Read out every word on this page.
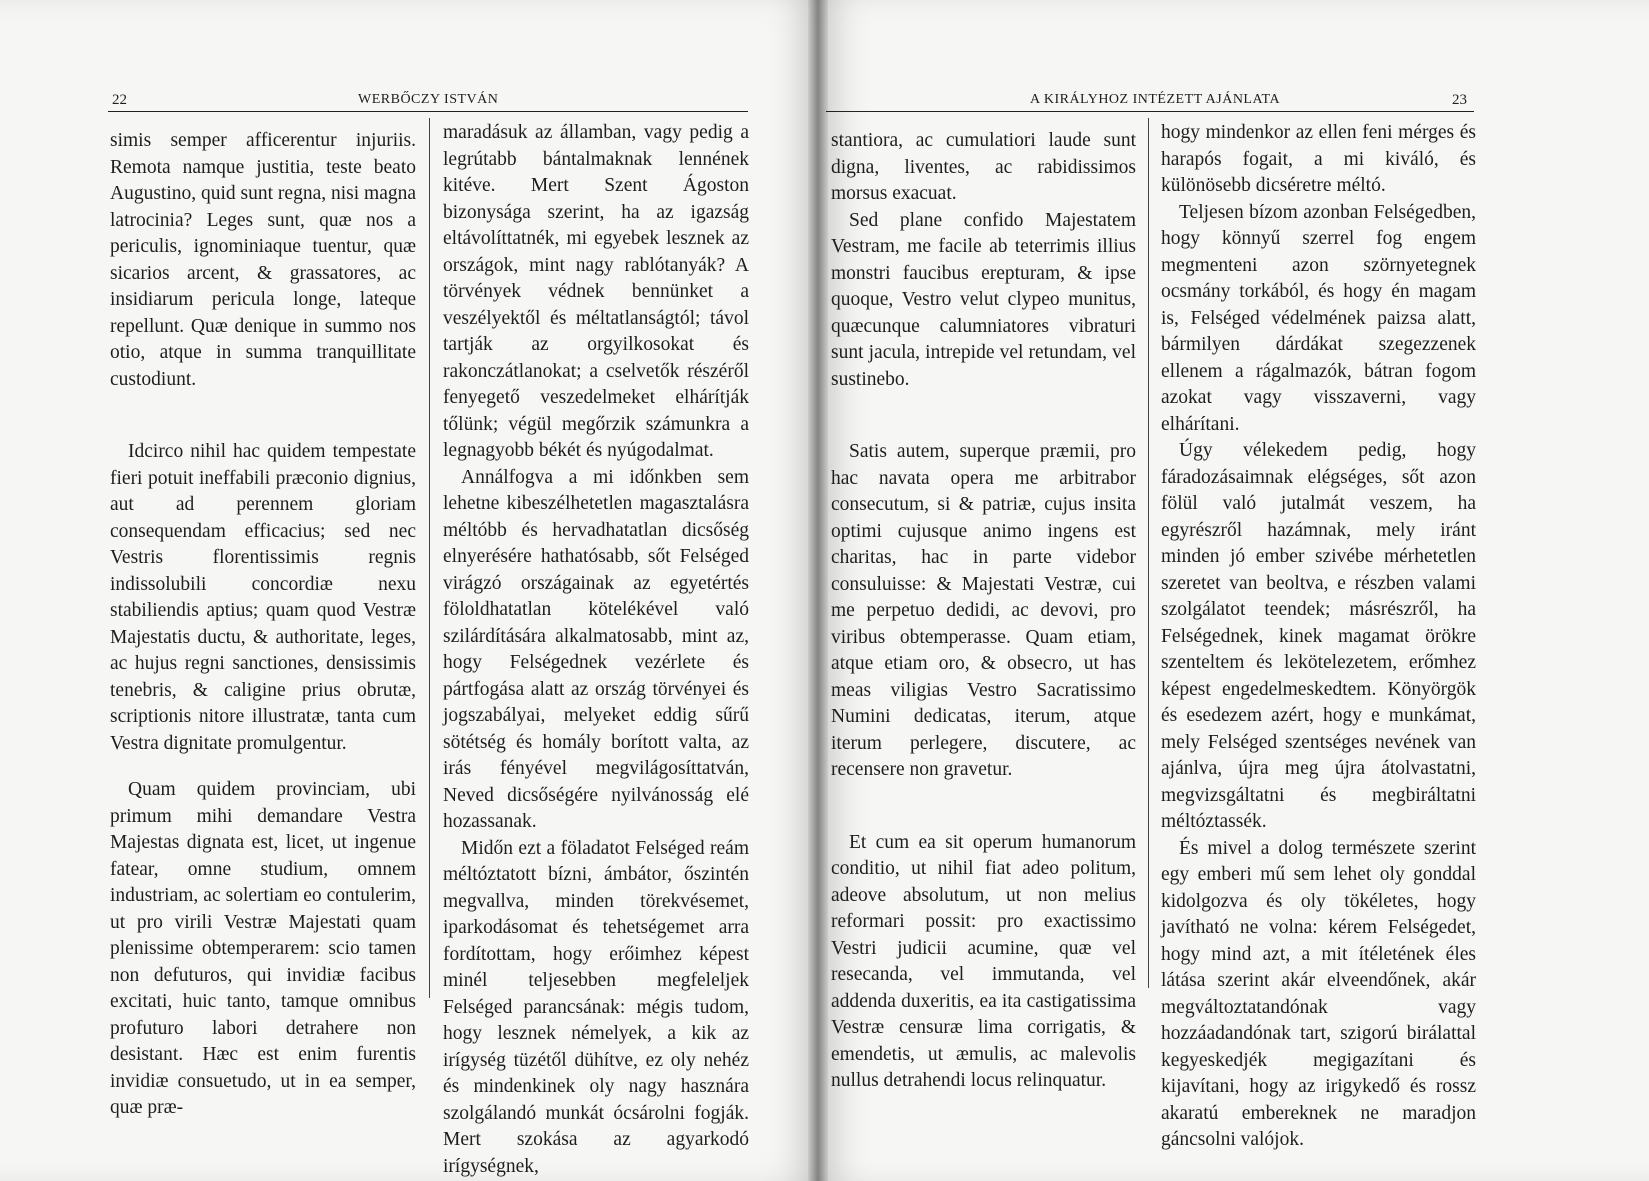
22	WERBŐCZY ISTVÁN

simis semper afficerentur injuriis. Remota namque justitia, teste beato Augustino, quid sunt regna, nisi magna latrocinia? Leges sunt, quæ nos a periculis, ignominiaque tuentur, quæ sicarios arcent, & grassatores, ac insidiarum pericula longe, lateque repellunt. Quæ denique in summo nos otio, atque in summa tranquillitate custodiunt.

Idcirco nihil hac quidem tempestate fieri potuit ineffabili præconio dignius, aut ad perennem gloriam consequendam efficacius; sed nec Vestris florentissimis regnis indissolubili concordiæ nexu stabiliendis aptius; quam quod Vestræ Majestatis ductu, & authoritate, leges, ac hujus regni sanctiones, densissimis tenebris, & caligine prius obrutæ, scriptionis nitore illustratæ, tanta cum Vestra dignitate promulgentur.

Quam quidem provinciam, ubi primum mihi demandare Vestra Majestas dignata est, licet, ut ingenue fatear, omne studium, omnem industriam, ac solertiam eo contulerim, ut pro virili Vestræ Majestati quam plenissime obtemperarem: scio tamen non defuturos, qui invidiæ facibus excitati, huic tanto, tamque omnibus profuturo labori detrahere non desistant. Hæc est enim furentis invidiæ consuetudo, ut in ea semper, quæ præ-

maradásuk az államban, vagy pedig a legrútabb bántalmaknak lennének kitéve. Mert Szent Ágoston bizonysága szerint, ha az igazság eltávolíttatnék, mi egyebek lesznek az országok, mint nagy rablótanyák? A törvények védnek bennünket a veszélyektől és méltatlanságtól; távol tartják az orgyilkosokat és rakonczátlanokat; a cselvetők részéről fenyegető veszedelmeket elhárítják tőlünk; végül megőrzik számunkra a legnagyobb békét és nyúgodalmat.

Annálfogva a mi időnkben sem lehetne kibeszélhetetlen magasztalásra méltóbb és hervadhatatlan dicsőség elnyerésére hathatósabb, sőt Felséged virágzó országainak az egyetértés föloldhatatlan kötelékével való szilárdítására alkalmatosabb, mint az, hogy Felségednek vezérlete és pártfogása alatt az ország törvényei és jogszabályai, melyeket eddig sűrű sötétség és homály borított valta, az irás fényével megvilágosíttatván, Neved dicsőségére nyilvánosság elé hozassanak.

Midőn ezt a föladatot Felséged reám méltóztatott bízni, ámbátor, őszintén megvallva, minden törekvésemet, iparkodásomat és tehetségemet arra fordítottam, hogy erőimhez képest minél teljesebben megfeleljek Felséged parancsának: mégis tudom, hogy lesznek némelyek, a kik az irígység tüzétől dühítve, ez oly nehéz és mindenkinek oly nagy hasznára szolgálandó munkát ócsárolni fogják. Mert szokása az agyarkodó irígységnek,

A KIRÁLYHOZ INTÉZETT AJÁNLATA	23

stantiora, ac cumulatiori laude sunt digna, liventes, ac rabidissimos morsus exacuat.

Sed plane confido Majestatem Vestram, me facile ab teterrimis illius monstri faucibus erepturam, & ipse quoque, Vestro velut clypeo munitus, quæcunque calumniatores vibraturi sunt jacula, intrepide vel retundam, vel sustinebo.

Satis autem, superque præmii, pro hac navata opera me arbitrabor consecutum, si & patriæ, cujus insita optimi cujusque animo ingens est charitas, hac in parte videbor consuluisse: & Majestati Vestræ, cui me perpetuo dedidi, ac devovi, pro viribus obtemperasse. Quam etiam, atque etiam oro, & obsecro, ut has meas viligias Vestro Sacratissimo Numini dedicatas, iterum, atque iterum perlegere, discutere, ac recensere non gravetur.

Et cum ea sit operum humanorum conditio, ut nihil fiat adeo politum, adeove absolutum, ut non melius reformari possit: pro exactissimo Vestri judicii acumine, quæ vel resecanda, vel immutanda, vel addenda duxeritis, ea ita castigatissima Vestræ censuræ lima corrigatis, & emendetis, ut æmulis, ac malevolis nullus detrahendi locus relinquatur.

hogy mindenkor az ellen feni mérges és harapós fogait, a mi kiváló, és különösebb dicséretre méltó.

Teljesen bízom azonban Felségedben, hogy könnyű szerrel fog engem megmenteni azon szörnyetegnek ocsmány torkából, és hogy én magam is, Felséged védelmének paizsa alatt, bármilyen dárdákat szegezzenek ellenem a rágalmazók, bátran fogom azokat vagy visszaverni, vagy elhárítani.

Úgy vélekedem pedig, hogy fáradozásaimnak elégséges, sőt azon fölül való jutalmát veszem, ha egyrészről hazámnak, mely iránt minden jó ember szivébe mérhetetlen szeretet van beoltva, e részben valami szolgálatot teendek; másrészről, ha Felségednek, kinek magamat örökre szenteltem és lekötelezetem, erőmhez képest engedelmeskedtem. Könyörgök és esedezem azért, hogy e munkámat, mely Felséged szentséges nevének van ajánlva, újra meg újra átolvastatni, megvizsgáltatni és megbiráltatni méltóztassék.

És mivel a dolog természete szerint egy emberi mű sem lehet oly gonddal kidolgozva és oly tökéletes, hogy javítható ne volna: kérem Felségedet, hogy mind azt, a mit ítéletének éles látása szerint akár elveendőnek, akár megváltoztatandónak vagy hozzáadandónak tart, szigorú birálattal kegyeskedjék megigazítani és kijavítani, hogy az irigykedő és rossz akaratú embereknek ne maradjon gáncsolni valójok.
